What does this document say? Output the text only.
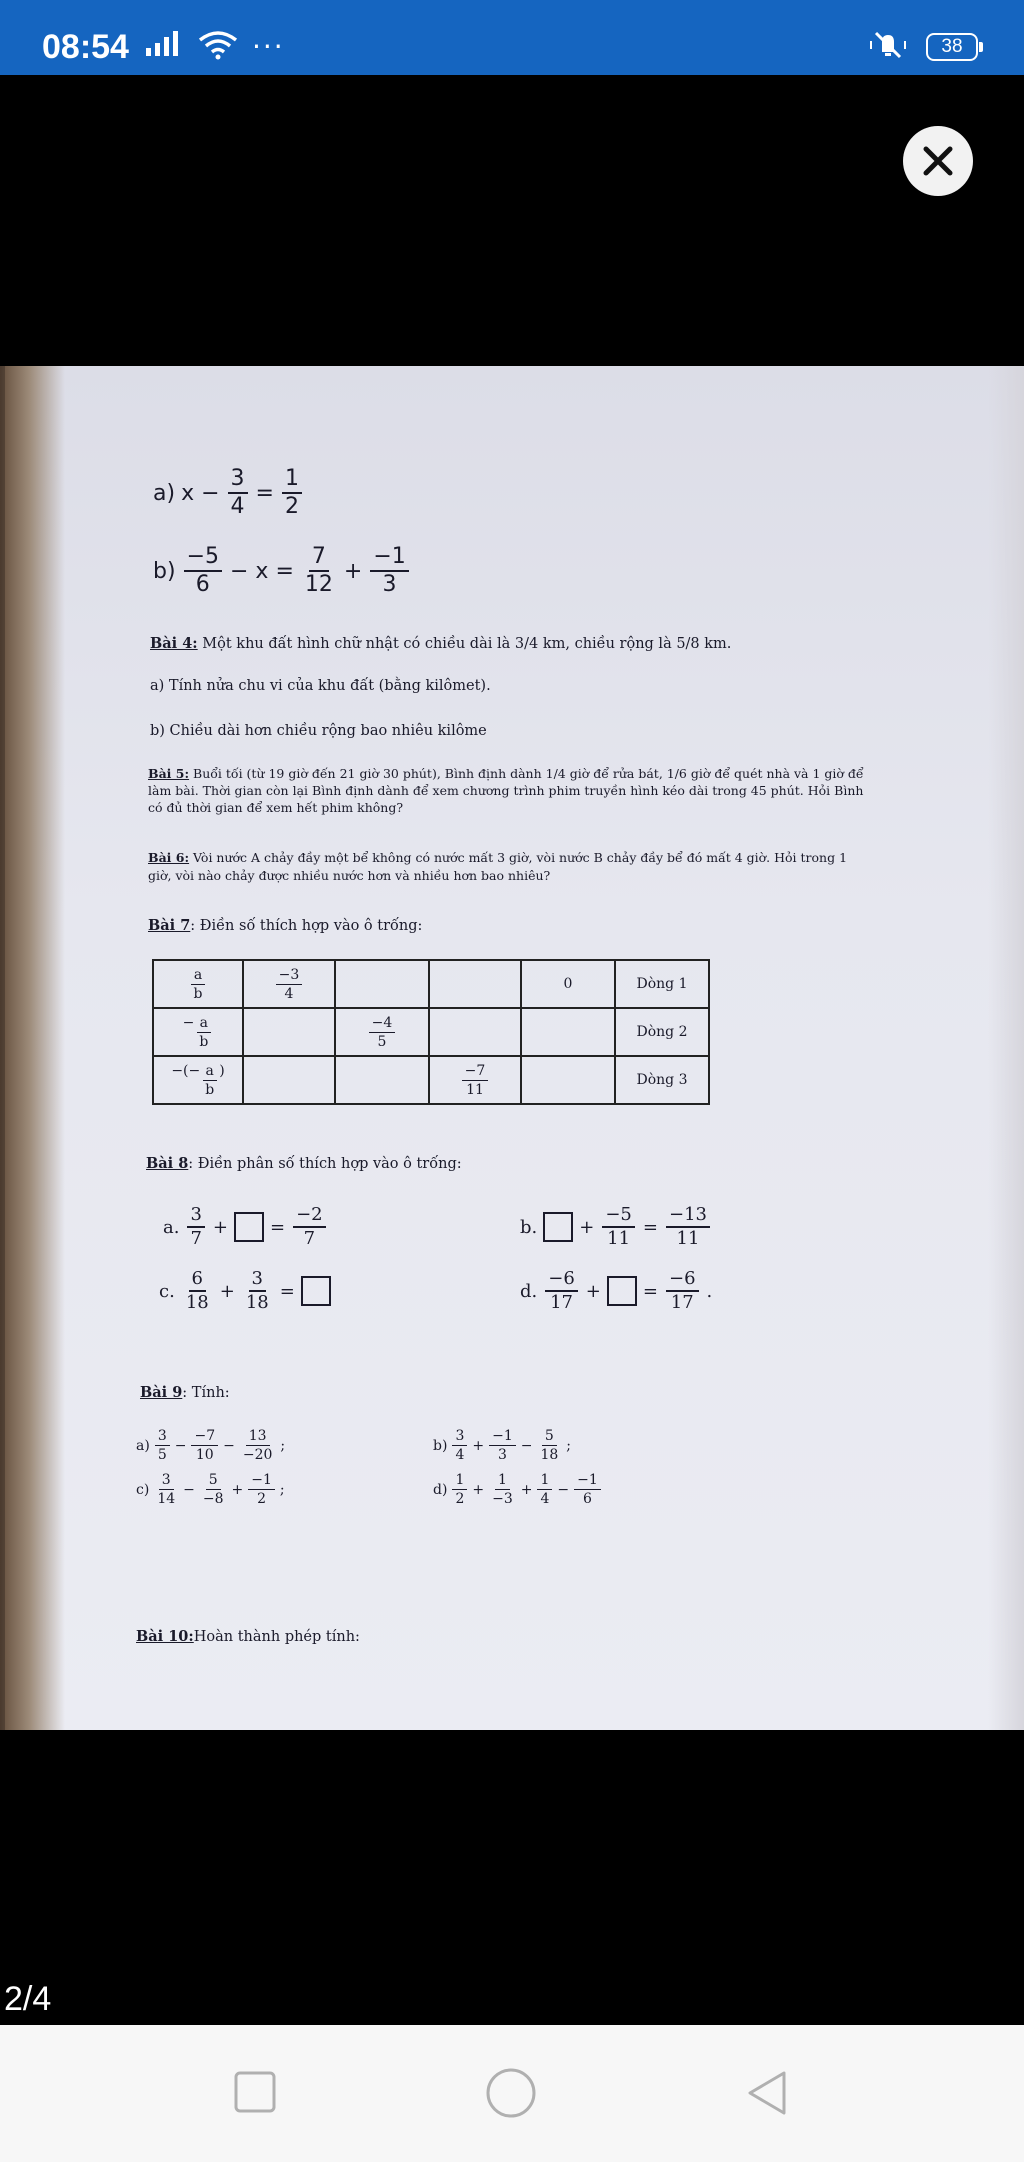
08:54	···	38
a) $x - \frac{3}{4} = \frac{1}{2}$
$b) \frac{-5}{6} - x = \frac{7}{12} + \frac{-1}{3}$
Bài 4: Một khu đất hình chữ nhật có chiều dài là 3/4 km, chiều rộng là 5/8 km.
a) Tính nửa chu vi của khu đất (bằng kilômet).
b) Chiều dài hơn chiều rộng bao nhiêu kilôme
Bài 5: Buổi tối (từ 19 giờ đến 21 giờ 30 phút), Bình định dành 1/4 giờ để rửa bát, 1/6 giờ để quét nhà và 1 giờ để
làm bài. Thời gian còn lại Bình định dành để xem chương trình phim truyền hình kéo dài trong 45 phút. Hỏi Bình
có đủ thời gian để xem hết phim không?
Bài 6: Vòi nước A chảy đầy một bể không có nước mất 3 giờ, vòi nước B chảy đầy bể đó mất 4 giờ. Hỏi trong 1
giờ, vòi nào chảy được nhiều nước hơn và nhiều hơn bao nhiêu?
Bài 7: Điền số thích hợp vào ô trống:
$\frac{a}{b}$	$\frac{-3}{4}$			0	Dòng 1
− $\frac{a}{b}$		$\frac{-4}{5}$			Dòng 2
−(− $\frac{a}{b}$ )			$\frac{-7}{11}$		Dòng 3
Bài 8: Điền phân số thích hợp vào ô trống:
a. $\frac{3}{7}$ + = $\frac{-2}{7}$	b. + $\frac{-5}{11} = \frac{-13}{11}$
c. $\frac{6}{18} + \frac{3}{18}$ =	d. $\frac{-6}{17}$ + = $\frac{-6}{17}$ .
Bài 9: Tính:
$a) \frac{3}{5} - \frac{-7}{10} - \frac{13}{-20}$ ;	$b) \frac{3}{4} + \frac{-1}{3} - \frac{5}{18}$ ;
$c) \frac{3}{14} - \frac{5}{-8} + \frac{-1}{2}$ ;	$d) \frac{1}{2} + \frac{1}{-3} + \frac{1}{4} - \frac{-1}{6}$
Bài 10:Hoàn thành phép tính:
2/4
